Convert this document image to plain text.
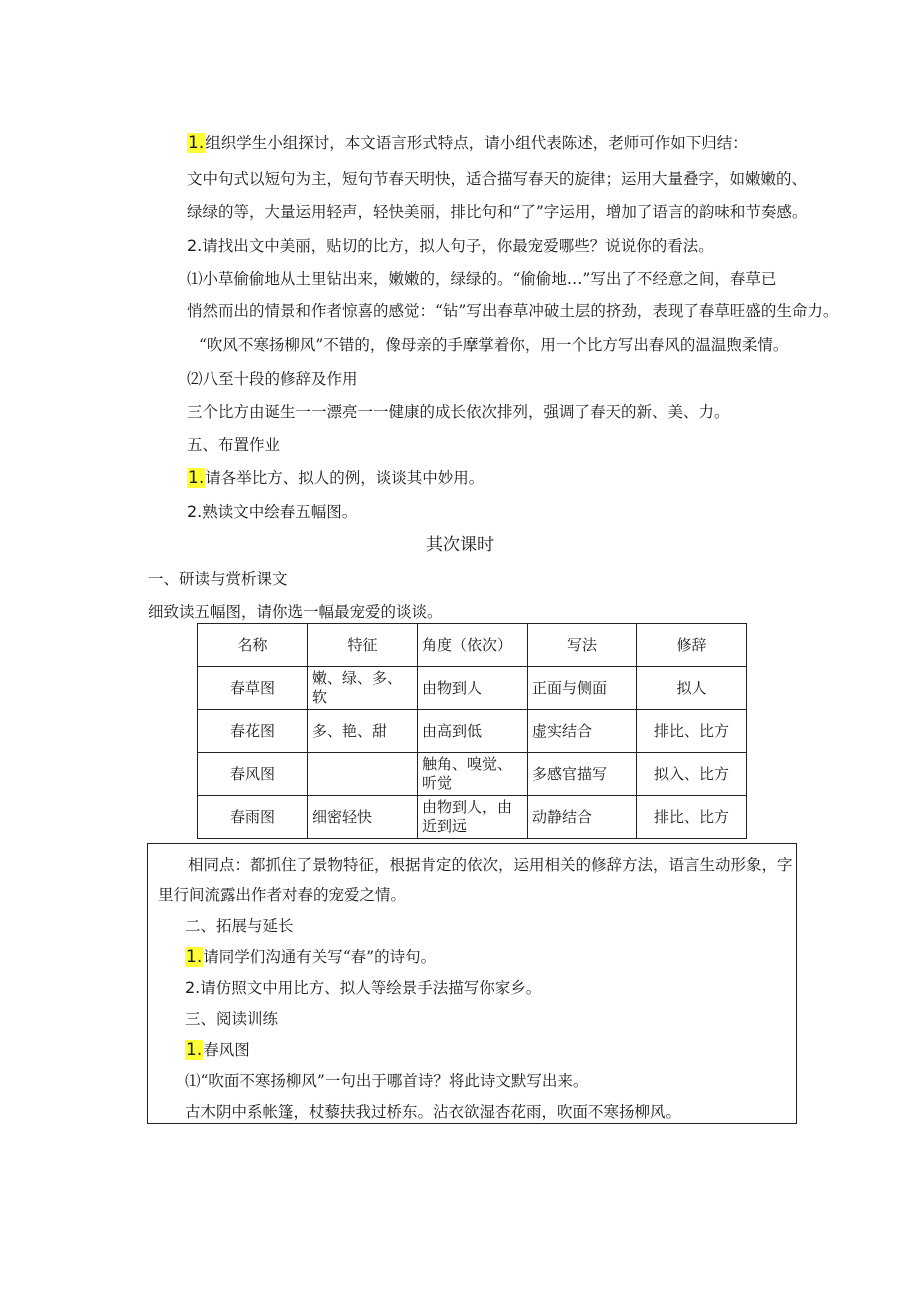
1.组织学生小组探讨，本文语言形式特点，请小组代表陈述，老师可作如下归结：
文中句式以短句为主，短句节春天明快，适合描写春天的旋律；运用大量叠字，如嫩嫩的、
绿绿的等，大量运用轻声，轻快美丽，排比句和“了”字运用，增加了语言的韵味和节奏感。
2.请找出文中美丽，贴切的比方，拟人句子，你最宠爱哪些？说说你的看法。
⑴小草偷偷地从土里钻出来，嫩嫩的，绿绿的。“偷偷地…”写出了不经意之间，春草已
悄然而出的情景和作者惊喜的感觉：“钻”写出春草冲破土层的挤劲，表现了春草旺盛的生命力。
“吹风不寒扬柳风”不错的，像母亲的手摩掌着你，用一个比方写出春风的温温煦柔情。
⑵八至十段的修辞及作用
三个比方由诞生一一漂亮一一健康的成长依次排列，强调了春天的新、美、力。
五、布置作业
1.请各举比方、拟人的例，谈谈其中妙用。
2.熟读文中绘春五幅图。
其次课时
一、研读与赏析课文
细致读五幅图，请你选一幅最宠爱的谈谈。
名称	特征	角度（依次）	写法	修辞
春草图	嫩、绿、多、软	由物到人	正面与侧面	拟人
春花图	多、艳、甜	由高到低	虚实结合	排比、比方
春风图		触角、嗅觉、听觉	多感官描写	拟入、比方
春雨图	细密轻快	由物到人，由近到远	动静结合	排比、比方
相同点：都抓住了景物特征，根据肯定的依次，运用相关的修辞方法，语言生动形象，字
里行间流露出作者对春的宠爱之情。
二、拓展与延长
1.请同学们沟通有关写“春”的诗句。
2.请仿照文中用比方、拟人等绘景手法描写你家乡。
三、阅读训练
1.春风图
⑴“吹面不寒扬柳风”一句出于哪首诗？将此诗文默写出来。
古木阴中系帐篷，杖藜扶我过桥东。沾衣欲湿杏花雨，吹面不寒扬柳风。
